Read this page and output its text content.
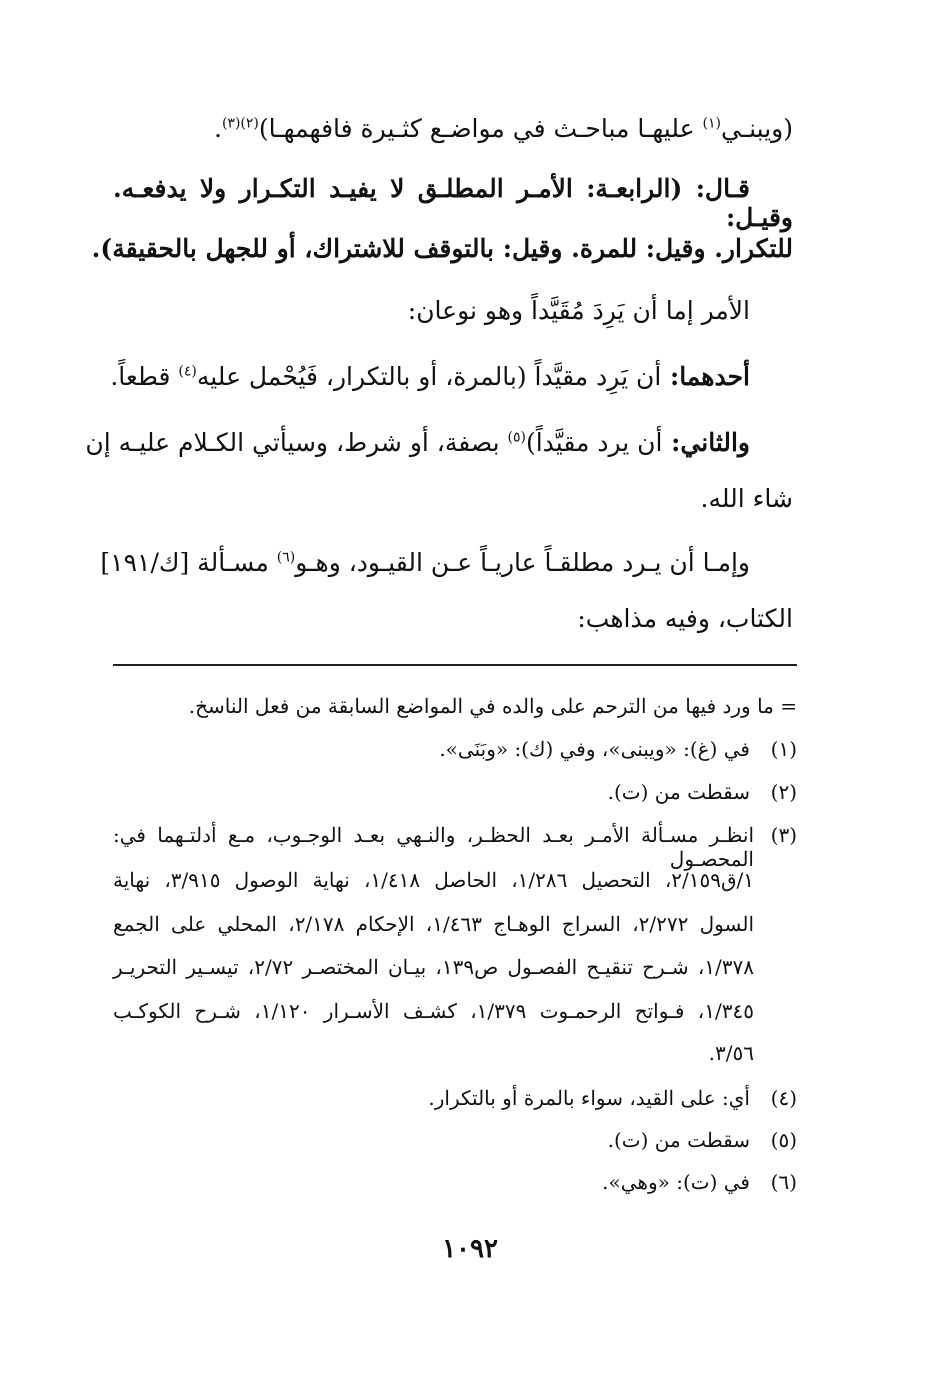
(ويبنـي$^{(١)}$ عليهـا مباحـث في مواضـع كثـيرة فافهمهـا)$^{(٢)(٣)}$.
قـال: (الرابعـة: الأمـر المطلـق لا يفيـد التكـرار ولا يدفعـه. وقيـل:
للتكرار. وقيل: للمرة. وقيل: بالتوقف للاشتراك، أو للجهل بالحقيقة).
الأمر إما أن يَرِدَ مُقَيَّداً وهو نوعان:
أحدهما: أن يَرِد مقيَّداً (بالمرة، أو بالتكرار، فَيُحْمل عليه$^{(٤)}$ قطعاً.
والثاني: أن يرد مقيَّداً)$^{(٥)}$ بصفة، أو شرط، وسيأتي الكـلام عليـه إن
شاء الله.
وإمـا أن يـرد مطلقـاً عاريـاً عـن القيـود، وهـو$^{(٦)}$ مسـألة [ك/١٩١]
الكتاب، وفيه مذاهب:
= ما ورد فيها من الترحم على والده في المواضع السابقة من فعل الناسخ.
(١)
في (غ): «ويبنى»، وفي (ك): «وبَنَى».
(٢)
سقطت من (ت).
(٣)
انظـر مسـألة الأمـر بعـد الحظـر، والنـهي بعـد الوجـوب، مـع أدلتـهما في: المحصـول
١/ق٢/١٥٩، التحصيل ١/٢٨٦، الحاصل ١/٤١٨، نهاية الوصول ٣/٩١٥، نهاية
السول ٢/٢٧٢، السراج الوهـاج ١/٤٦٣، الإحكام ٢/١٧٨، المحلي على الجمع
١/٣٧٨، شـرح تنقيـح الفصـول ص١٣٩، بيـان المختصـر ٢/٧٢، تيسـير التحريـر
١/٣٤٥، فـواتح الرحمـوت ١/٣٧٩، كشـف الأسـرار ١/١٢٠، شـرح الكوكـب
٣/٥٦.
(٤)
أي: على القيد، سواء بالمرة أو بالتكرار.
(٥)
سقطت من (ت).
(٦)
في (ت): «وهي».
١٠٩٢
